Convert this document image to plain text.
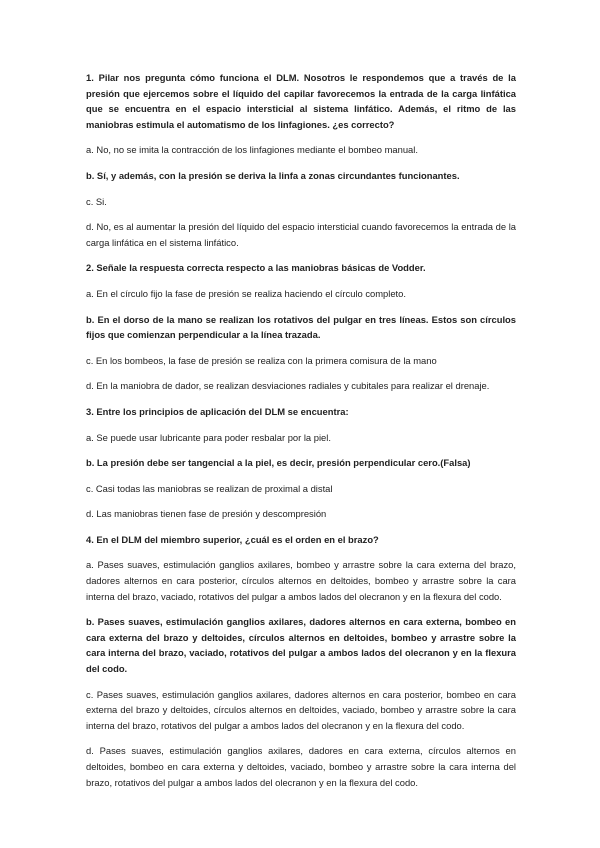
1. Pilar nos pregunta cómo funciona el DLM. Nosotros le respondemos que a través de la presión que ejercemos sobre el líquido del capilar favorecemos la entrada de la carga linfática que se encuentra en el espacio intersticial al sistema linfático. Además, el ritmo de las maniobras estimula el automatismo de los linfagiones. ¿es correcto?

a. No, no se imita la contracción de los linfagiones mediante el bombeo manual.

b. Sí, y además, con la presión se deriva la linfa a zonas circundantes funcionantes.

c. Si.

d. No, es al aumentar la presión del líquido del espacio intersticial cuando favorecemos la entrada de la carga linfática en el sistema linfático.

2. Señale la respuesta correcta respecto a las maniobras básicas de Vodder.

a. En el círculo fijo la fase de presión se realiza haciendo el círculo completo.

b. En el dorso de la mano se realizan los rotativos del pulgar en tres líneas. Estos son círculos fijos que comienzan perpendicular a la línea trazada.

c. En los bombeos, la fase de presión se realiza con la primera comisura de la mano

d. En la maniobra de dador, se realizan desviaciones radiales y cubitales para realizar el drenaje.

3. Entre los principios de aplicación del DLM se encuentra:

a. Se puede usar lubricante para poder resbalar por la piel.

b. La presión debe ser tangencial a la piel, es decir, presión perpendicular cero.(Falsa)

c. Casi todas las maniobras se realizan de proximal a distal

d. Las maniobras tienen fase de presión y descompresión

4. En el DLM del miembro superior, ¿cuál es el orden en el brazo?

a. Pases suaves, estimulación ganglios axilares, bombeo y arrastre sobre la cara externa del brazo, dadores alternos en cara posterior, círculos alternos en deltoides, bombeo y arrastre sobre la cara interna del brazo, vaciado, rotativos del pulgar a ambos lados del olecranon y en la flexura del codo.

b. Pases suaves, estimulación ganglios axilares, dadores alternos en cara externa, bombeo en cara externa del brazo y deltoides, círculos alternos en deltoides, bombeo y arrastre sobre la cara interna del brazo, vaciado, rotativos del pulgar a ambos lados del olecranon y en la flexura del codo.

c. Pases suaves, estimulación ganglios axilares, dadores alternos en cara posterior, bombeo en cara externa del brazo y deltoides, círculos alternos en deltoides, vaciado, bombeo y arrastre sobre la cara interna del brazo, rotativos del pulgar a ambos lados del olecranon y en la flexura del codo.

d. Pases suaves, estimulación ganglios axilares, dadores en cara externa, círculos alternos en deltoides, bombeo en cara externa y deltoides, vaciado, bombeo y arrastre sobre la cara interna del brazo, rotativos del pulgar a ambos lados del olecranon y en la flexura del codo.
